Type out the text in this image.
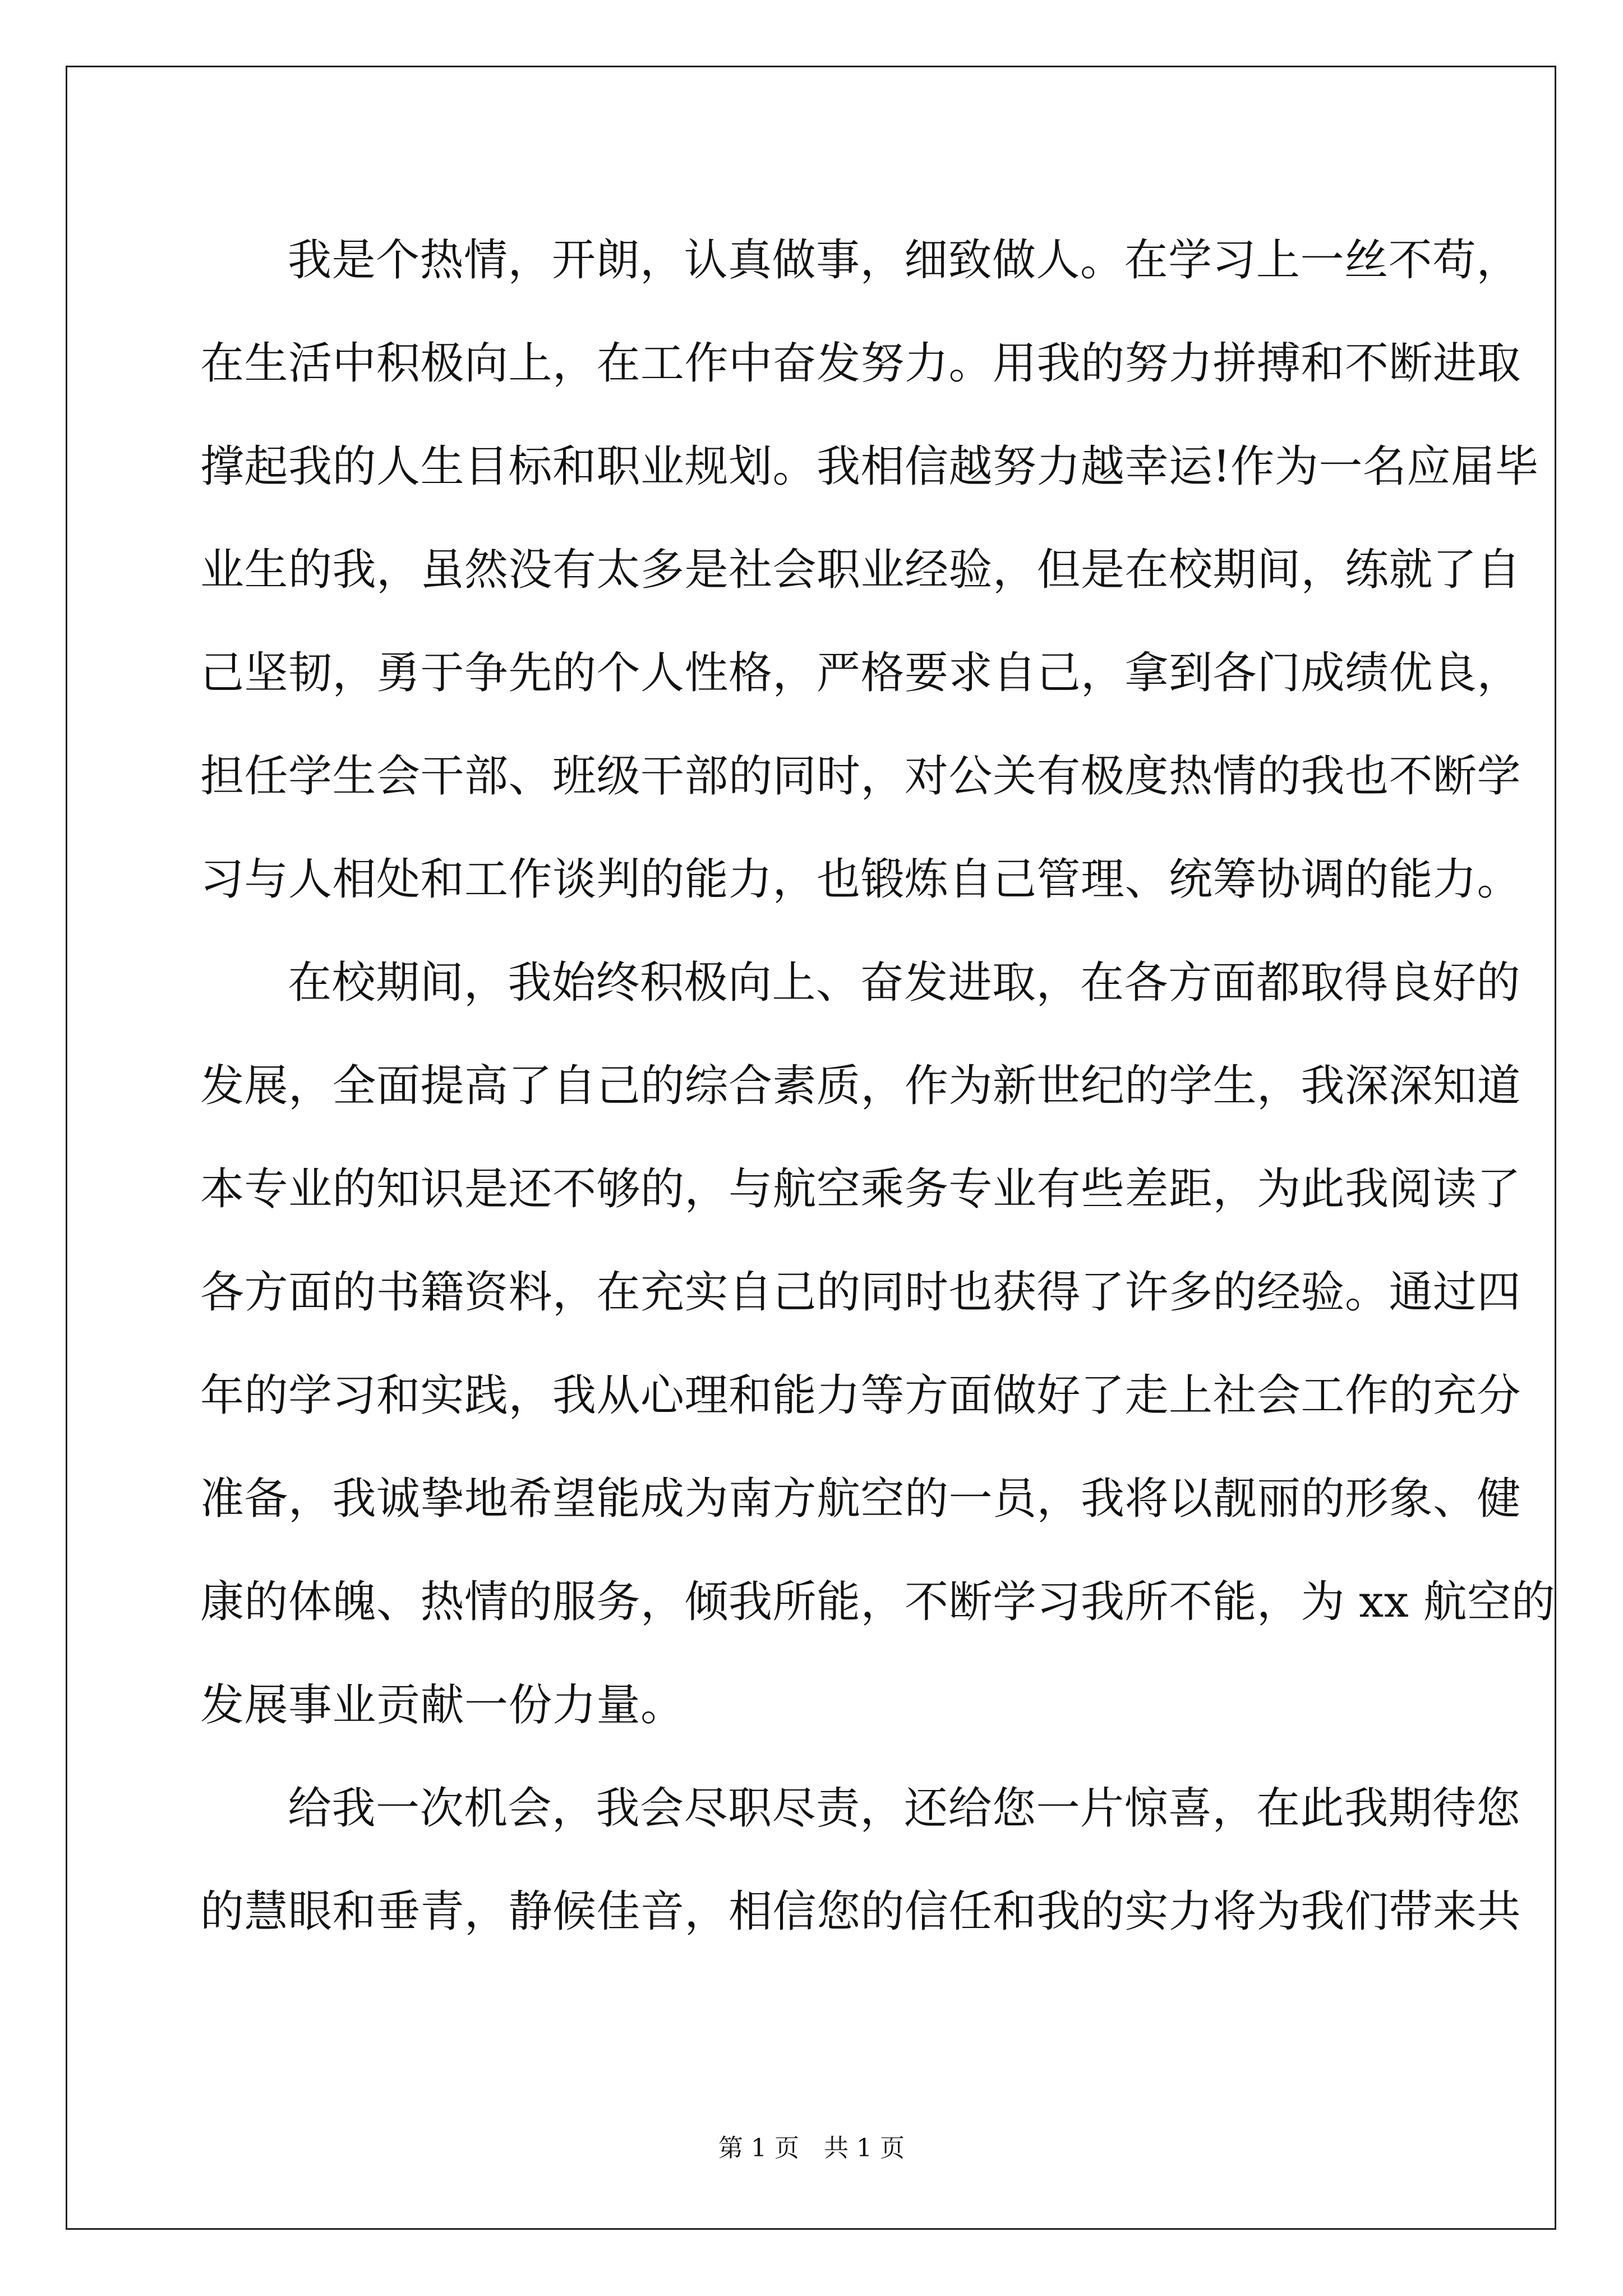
我是个热情，开朗，认真做事，细致做人。在学习上一丝不苟，
在生活中积极向上，在工作中奋发努力。用我的努力拼搏和不断进取
撑起我的人生目标和职业规划。我相信越努力越幸运!作为一名应届毕
业生的我，虽然没有太多是社会职业经验，但是在校期间，练就了自
己坚韧，勇于争先的个人性格，严格要求自己，拿到各门成绩优良，
担任学生会干部、班级干部的同时，对公关有极度热情的我也不断学
习与人相处和工作谈判的能力，也锻炼自己管理、统筹协调的能力。
在校期间，我始终积极向上、奋发进取，在各方面都取得良好的
发展，全面提高了自己的综合素质，作为新世纪的学生，我深深知道
本专业的知识是还不够的，与航空乘务专业有些差距，为此我阅读了
各方面的书籍资料，在充实自己的同时也获得了许多的经验。通过四
年的学习和实践，我从心理和能力等方面做好了走上社会工作的充分
准备，我诚挚地希望能成为南方航空的一员，我将以靓丽的形象、健
康的体魄、热情的服务，倾我所能，不断学习我所不能，为 xx 航空的
发展事业贡献一份力量。
给我一次机会，我会尽职尽责，还给您一片惊喜，在此我期待您
的慧眼和垂青，静候佳音，相信您的信任和我的实力将为我们带来共
第 1 页　共 1 页
